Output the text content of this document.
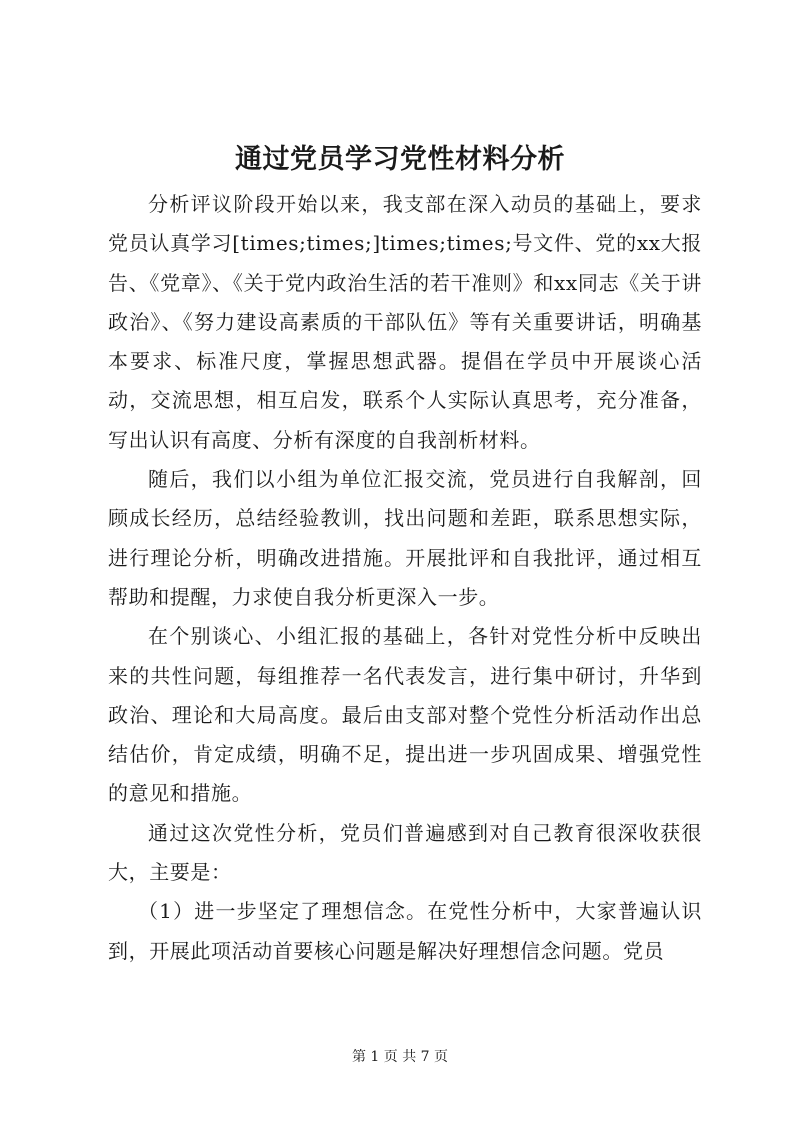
通过党员学习党性材料分析

分析评议阶段开始以来，我支部在深入动员的基础上，要求党员认真学习[times;times;]times;times;号文件、党的xx大报告、《党章》、《关于党内政治生活的若干准则》和xx同志《关于讲政治》、《努力建设高素质的干部队伍》等有关重要讲话，明确基本要求、标准尺度，掌握思想武器。提倡在学员中开展谈心活动，交流思想，相互启发，联系个人实际认真思考，充分准备，写出认识有高度、分析有深度的自我剖析材料。

随后，我们以小组为单位汇报交流，党员进行自我解剖，回顾成长经历，总结经验教训，找出问题和差距，联系思想实际，进行理论分析，明确改进措施。开展批评和自我批评，通过相互帮助和提醒，力求使自我分析更深入一步。

在个别谈心、小组汇报的基础上，各针对党性分析中反映出来的共性问题，每组推荐一名代表发言，进行集中研讨，升华到政治、理论和大局高度。最后由支部对整个党性分析活动作出总结估价，肯定成绩，明确不足，提出进一步巩固成果、增强党性的意见和措施。

通过这次党性分析，党员们普遍感到对自己教育很深收获很大，主要是：

（1）进一步坚定了理想信念。在党性分析中，大家普遍认识到，开展此项活动首要核心问题是解决好理想信念问题。党员

第 1 页 共 7 页
